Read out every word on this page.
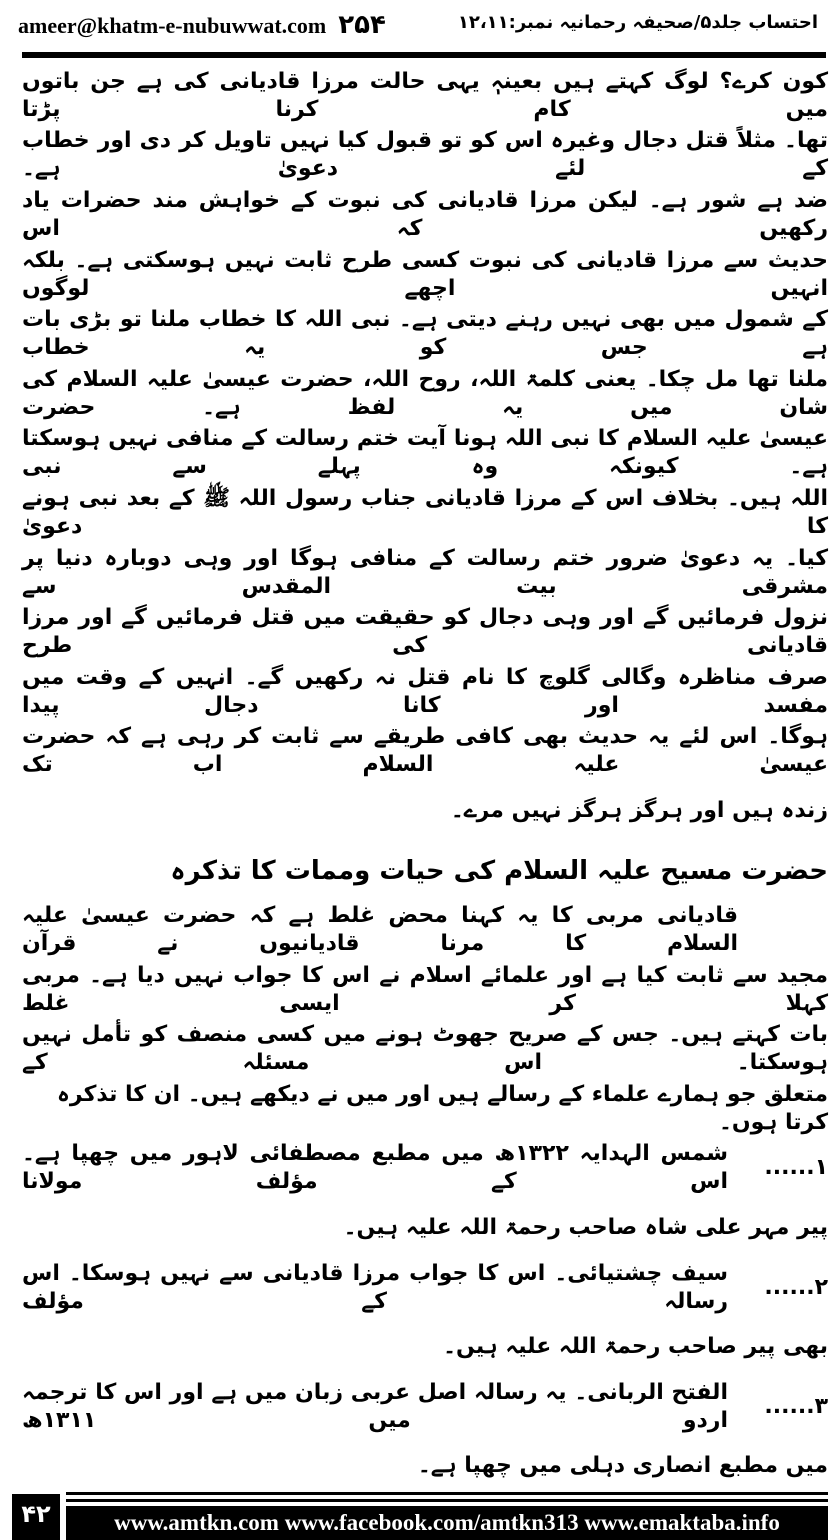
ameer@khatm-e-nubuwwat.com ۲۵۴	احتساب جلد۵/صحیفہ رحمانیہ نمبر:۱۲،۱۱
کون کرے؟ لوگ کہتے ہیں بعینہٖ یہی حالت مرزا قادیانی کی ہے جن باتوں میں کام کرنا پڑتا
تھا۔ مثلاً قتل دجال وغیرہ اس کو تو قبول کیا نہیں تاویل کر دی اور خطاب کے لئے دعویٰ ہے۔
ضد ہے شور ہے۔ لیکن مرزا قادیانی کی نبوت کے خواہش مند حضرات یاد رکھیں کہ اس
حدیث سے مرزا قادیانی کی نبوت کسی طرح ثابت نہیں ہوسکتی ہے۔ بلکہ انہیں اچھے لوگوں
کے شمول میں بھی نہیں رہنے دیتی ہے۔ نبی اللہ کا خطاب ملنا تو بڑی بات ہے جس کو یہ خطاب
ملنا تھا مل چکا۔ یعنی کلمۃ اللہ، روح اللہ، حضرت عیسیٰ علیہ السلام کی شان میں یہ لفظ ہے۔ حضرت
عیسیٰ علیہ السلام کا نبی اللہ ہونا آیت ختم رسالت کے منافی نہیں ہوسکتا ہے۔ کیونکہ وہ پہلے سے نبی
اللہ ہیں۔ بخلاف اس کے مرزا قادیانی جناب رسول اللہ ﷺ کے بعد نبی ہونے کا دعویٰ
کیا۔ یہ دعویٰ ضرور ختم رسالت کے منافی ہوگا اور وہی دوبارہ دنیا پر مشرقی بیت المقدس سے
نزول فرمائیں گے اور وہی دجال کو حقیقت میں قتل فرمائیں گے اور مرزا قادیانی کی طرح
صرف مناظرہ وگالی گلوچ کا نام قتل نہ رکھیں گے۔ انہیں کے وقت میں مفسد اور کانا دجال پیدا
ہوگا۔ اس لئے یہ حدیث بھی کافی طریقے سے ثابت کر رہی ہے کہ حضرت عیسیٰ علیہ السلام اب تک
زندہ ہیں اور ہرگز ہرگز نہیں مرے۔
حضرت مسیح علیہ السلام کی حیات وممات کا تذکرہ
قادیانی مربی کا یہ کہنا محض غلط ہے کہ حضرت عیسیٰ علیہ السلام کا مرنا قادیانیوں نے قرآن
مجید سے ثابت کیا ہے اور علمائے اسلام نے اس کا جواب نہیں دیا ہے۔ مربی کہلا کر ایسی غلط
بات کہتے ہیں۔ جس کے صریح جھوٹ ہونے میں کسی منصف کو تأمل نہیں ہوسکتا۔ اس مسئلہ کے
متعلق جو ہمارے علماء کے رسالے ہیں اور میں نے دیکھے ہیں۔ ان کا تذکرہ کرتا ہوں۔
۱......
شمس الہدایہ ۱۳۲۲ھ میں مطبع مصطفائی لاہور میں چھپا ہے۔ اس کے مؤلف مولانا
پیر مہر علی شاہ صاحب رحمۃ اللہ علیہ ہیں۔
۲......
سیف چشتیائی۔ اس کا جواب مرزا قادیانی سے نہیں ہوسکا۔ اس رسالہ کے مؤلف
بھی پیر صاحب رحمۃ اللہ علیہ ہیں۔
۳......
الفتح الربانی۔ یہ رسالہ اصل عربی زبان میں ہے اور اس کا ترجمہ اردو میں ۱۳۱۱ھ
میں مطبع انصاری دہلی میں چھپا ہے۔
۴۲	www.amtkn.com www.facebook.com/amtkn313 www.emaktaba.info
